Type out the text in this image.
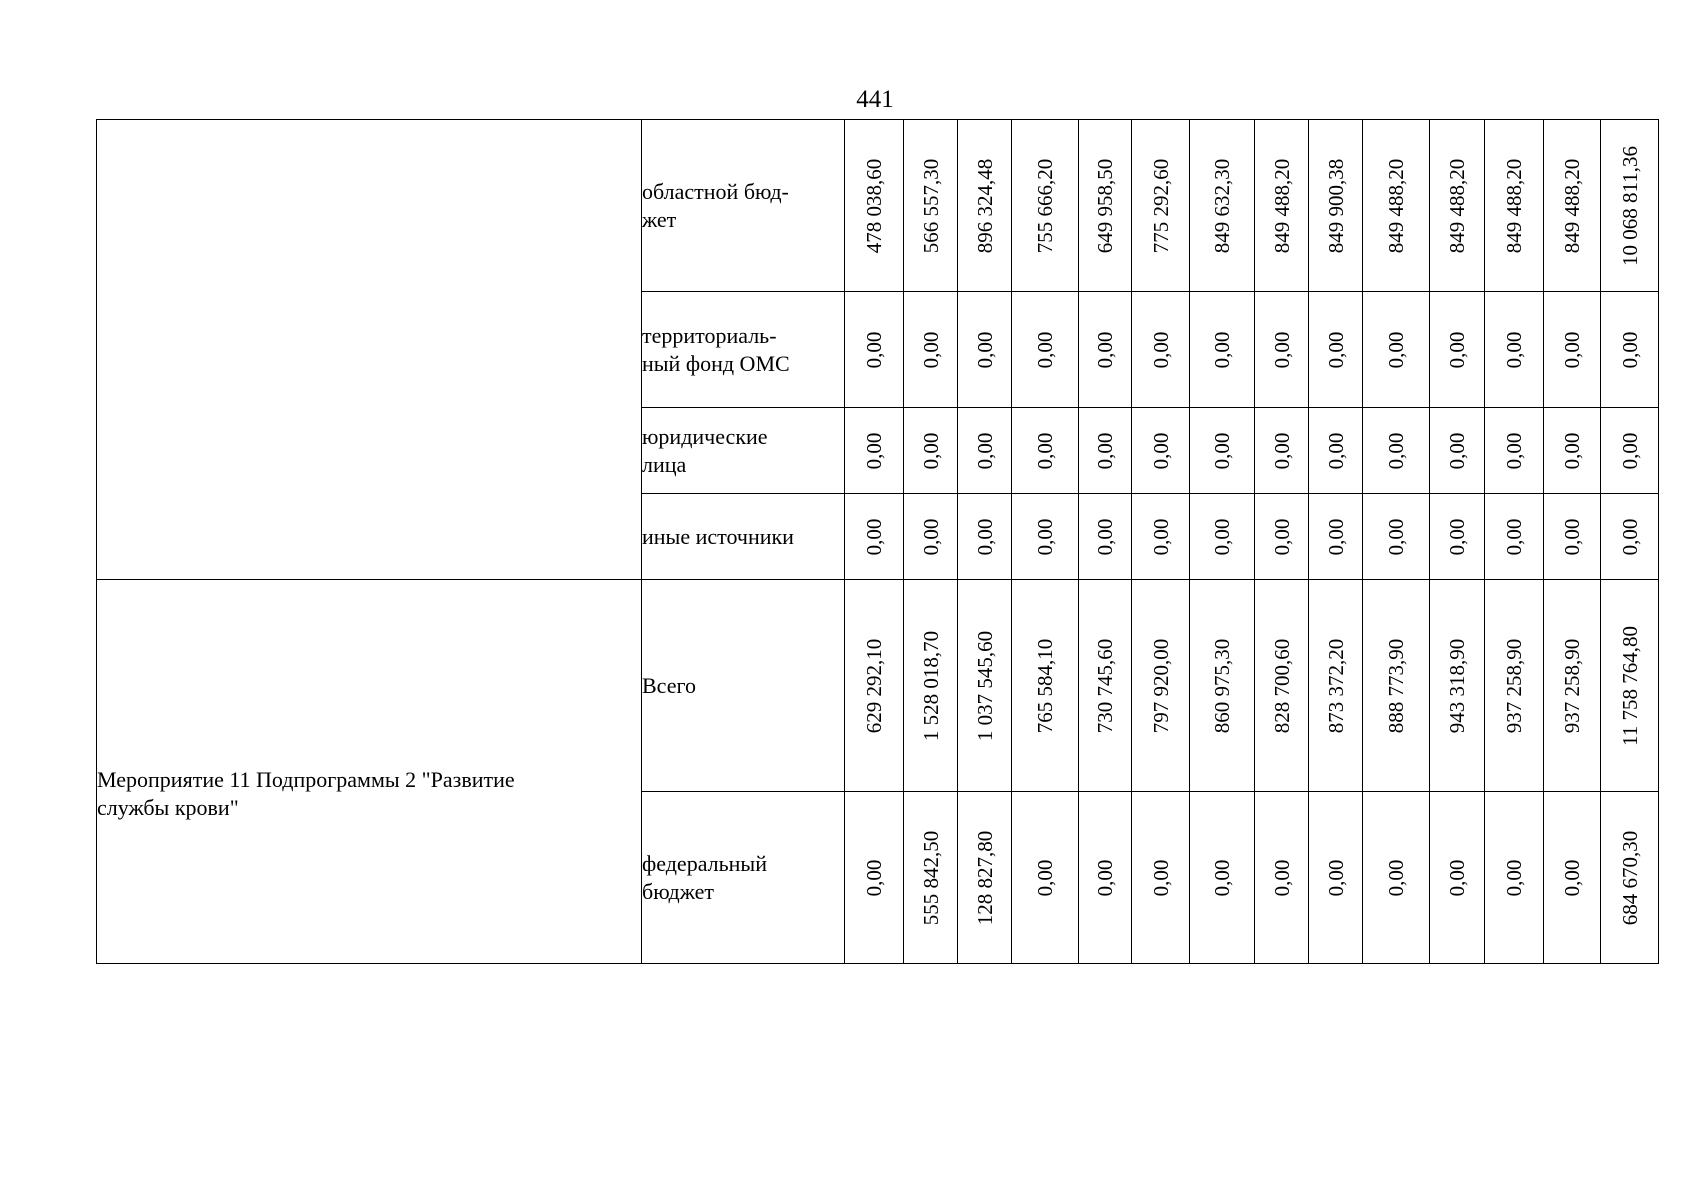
441
	областной бюд-
жет	478 038,60	566 557,30	896 324,48	755 666,20	649 958,50	775 292,60	849 632,30	849 488,20	849 900,38	849 488,20	849 488,20	849 488,20	849 488,20	10 068 811,36

	территориаль-
ный фонд ОМС	0,00	0,00	0,00	0,00	0,00	0,00	0,00	0,00	0,00	0,00	0,00	0,00	0,00	0,00

	юридические
лица	0,00	0,00	0,00	0,00	0,00	0,00	0,00	0,00	0,00	0,00	0,00	0,00	0,00	0,00

	иные источники	0,00	0,00	0,00	0,00	0,00	0,00	0,00	0,00	0,00	0,00	0,00	0,00	0,00	0,00

Мероприятие 11 Подпрограммы 2 "Развитие
службы крови"	Всего	629 292,10	1 528 018,70	1 037 545,60	765 584,10	730 745,60	797 920,00	860 975,30	828 700,60	873 372,20	888 773,90	943 318,90	937 258,90	937 258,90	11 758 764,80

	федеральный
бюджет	0,00	555 842,50	128 827,80	0,00	0,00	0,00	0,00	0,00	0,00	0,00	0,00	0,00	0,00	684 670,30
